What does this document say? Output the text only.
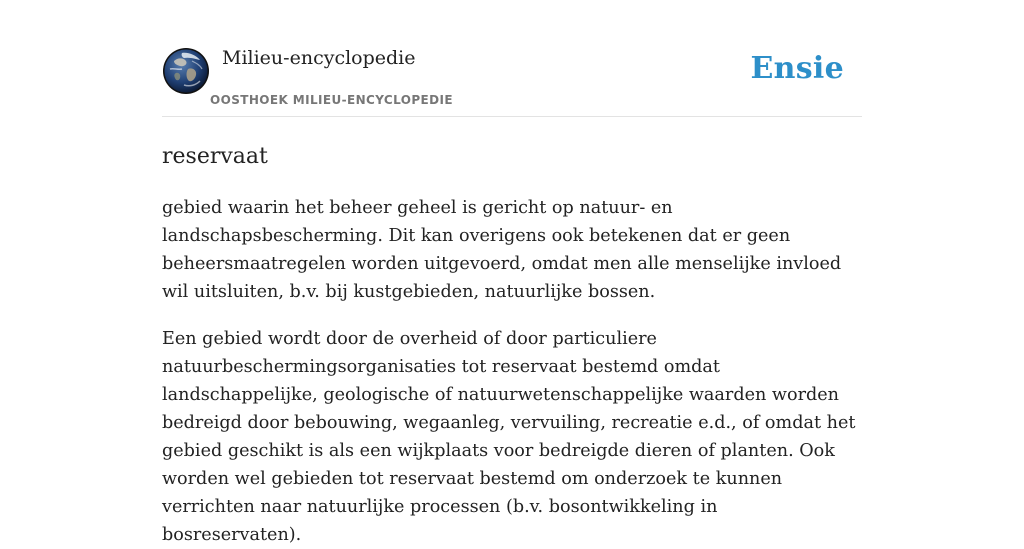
Milieu-encyclopedie
OOSTHOEK MILIEU-ENCYCLOPEDIE
Ensie
reservaat

gebied waarin het beheer geheel is gericht op natuur- en landschapsbescherming. Dit kan overigens ook betekenen dat er geen beheersmaatregelen worden uitgevoerd, omdat men alle menselijke invloed wil uitsluiten, b.v. bij kustgebieden, natuurlijke bossen.

Een gebied wordt door de overheid of door particuliere natuurbeschermingsorganisaties tot reservaat bestemd omdat landschappelijke, geologische of natuurwetenschappelijke waarden worden bedreigd door bebouwing, wegaanleg, vervuiling, recreatie e.d., of omdat het gebied geschikt is als een wijkplaats voor bedreigde dieren of planten. Ook worden wel gebieden tot reservaat bestemd om onderzoek te kunnen verrichten naar natuurlijke processen (b.v. bosontwikkeling in bosreservaten).
